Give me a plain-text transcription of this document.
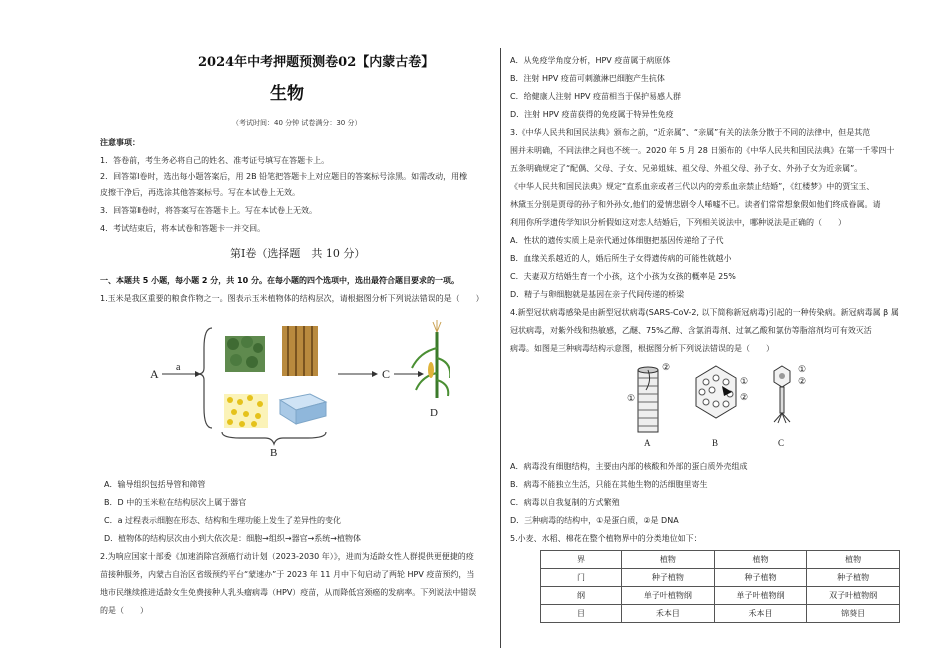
2024年中考押题预测卷02【内蒙古卷】
生物
（考试时间：40 分钟 试卷满分：30 分）
注意事项：
1．答卷前，考生务必将自己的姓名、准考证号填写在答题卡上。
2．回答第Ⅰ卷时，选出每小题答案后，用 2B 铅笔把答题卡上对应题目的答案标号涂黑。如需改动，用橡
皮擦干净后，再选涂其他答案标号。写在本试卷上无效。
3．回答第Ⅱ卷时，将答案写在答题卡上。写在本试卷上无效。
4．考试结束后，将本试卷和答题卡一并交回。
第Ⅰ卷（选择题　共 10 分）
一、本题共 5 小题，每小题 2 分，共 10 分。在每小题的四个选项中，选出最符合题目要求的一项。
1.玉米是我区重要的粮食作物之一。图表示玉米植物体的结构层次，请根据图分析下列说法错误的是（　　）
A a
B
C
D
A．输导组织包括导管和筛管
B．D 中的玉米粒在结构层次上属于器官
C．a 过程表示细胞在形态、结构和生理功能上发生了差异性的变化
D．植物体的结构层次由小到大依次是：细胞→组织→器官→系统→植物体
2.为响应国家十部委《加速消除宫颈癌行动计划（2023-2030 年）》，进而为适龄女性人群提供更便捷的疫
苗接种服务，内蒙古自治区省级预约平台“蒙速办”于 2023 年 11 月中下旬启动了两轮 HPV 疫苗预约，当
地市民继续推进适龄女生免费接种人乳头瘤病毒（HPV）疫苗，从而降低宫颈癌的发病率。下列说法中错误
的是（　　）
A．从免疫学角度分析，HPV 疫苗属于病原体
B．注射 HPV 疫苗可刺激淋巴细胞产生抗体
C．给健康人注射 HPV 疫苗相当于保护易感人群
D．注射 HPV 疫苗获得的免疫属于特异性免疫
3.《中华人民共和国民法典》颁布之前，“近亲属”、“亲属”有关的法条分散于不同的法律中，但是其范
围并未明确，不同法律之间也不统一。2020 年 5 月 28 日颁布的《中华人民共和国民法典》在第一千零四十
五条明确规定了“配偶、父母、子女、兄弟姐妹、祖父母、外祖父母、孙子女、外孙子女为近亲属”。
《中华人民共和国民法典》规定“直系血亲或者三代以内的旁系血亲禁止结婚”，《红楼梦》中的贾宝玉、
林黛玉分别是贾母的孙子和外孙女,他们的爱情悲剧令人唏嘘不已。读者们常常想象假如他们终成眷属。请
利用你所学遗传学知识分析假如这对恋人结婚后，下列相关说法中，哪种说法是正确的（　　）
A．性状的遗传实质上是亲代通过体细胞把基因传递给了子代
B．血缘关系越近的人，婚后所生子女得遗传病的可能性就越小
C．夫妻双方结婚生育一个小孩，这个小孩为女孩的概率是 25%
D．精子与卵细胞就是基因在亲子代间传递的桥梁
4.新型冠状病毒感染是由新型冠状病毒(SARS-CoV-2, 以下简称新冠病毒)引起的一种传染病。新冠病毒属 β 属
冠状病毒，对紫外线和热敏感，乙醚、75%乙醇、含氯消毒剂、过氧乙酸和氯仿等脂溶剂均可有效灭活
病毒。如图是三种病毒结构示意图，根据图分析下列说法错误的是（　　）
①
②
A
①
②
B
①
②
C
A．病毒没有细胞结构，主要由内部的核酸和外部的蛋白质外壳组成
B．病毒不能独立生活，只能在其他生物的活细胞里寄生
C．病毒以自我复制的方式繁殖
D．三种病毒的结构中，①是蛋白质，②是 DNA
5.小麦、水稻、棉花在整个植物界中的分类地位如下：
界	植物	植物	植物
门	种子植物	种子植物	种子植物
纲	单子叶植物纲	单子叶植物纲	双子叶植物纲
目	禾本目	禾本目	锦葵目
